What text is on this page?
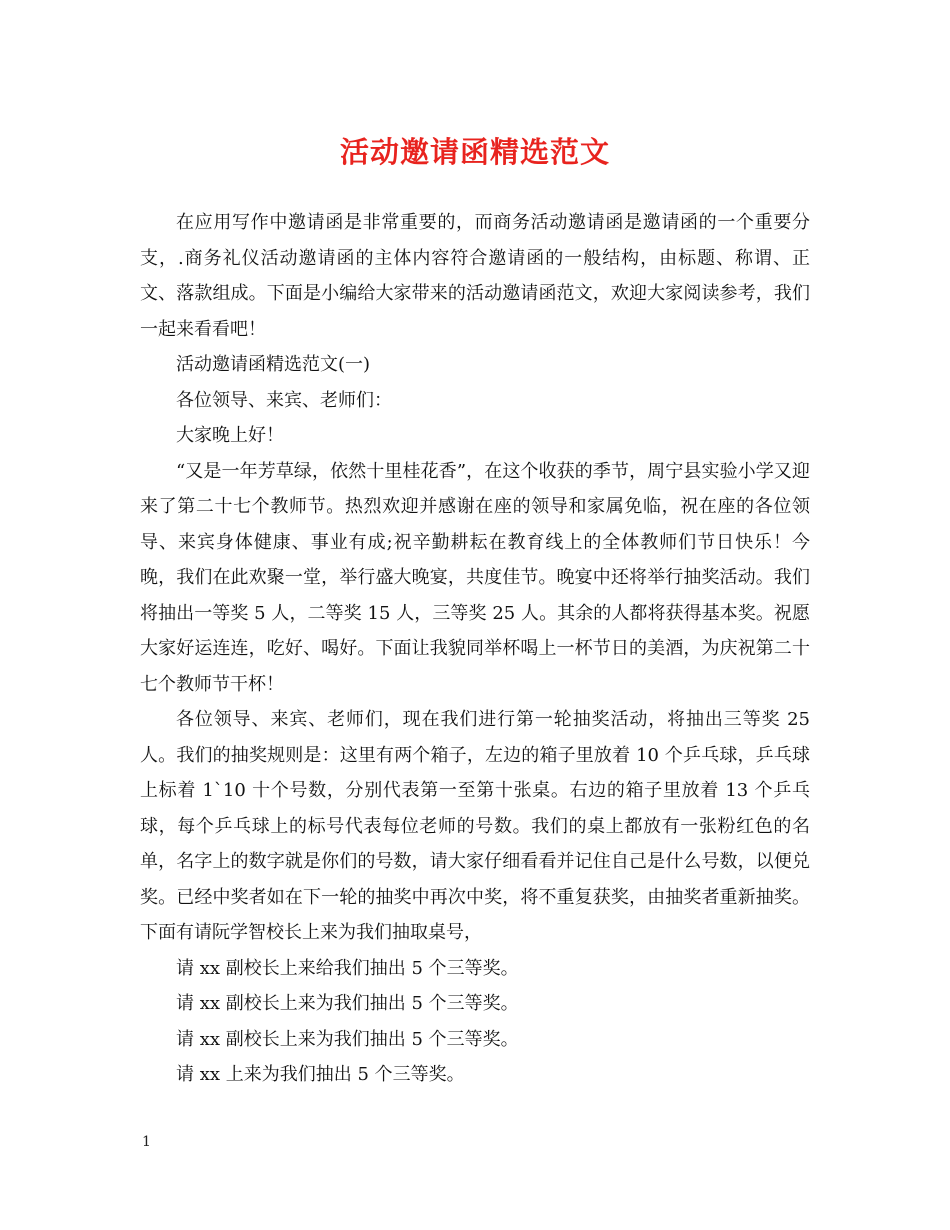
活动邀请函精选范文

在应用写作中邀请函是非常重要的，而商务活动邀请函是邀请函的一个重要分支，.商务礼仪活动邀请函的主体内容符合邀请函的一般结构，由标题、称谓、正文、落款组成。下面是小编给大家带来的活动邀请函范文，欢迎大家阅读参考，我们一起来看看吧！

活动邀请函精选范文(一)

各位领导、来宾、老师们：

大家晚上好！

“又是一年芳草绿，依然十里桂花香”，在这个收获的季节，周宁县实验小学又迎来了第二十七个教师节。热烈欢迎并感谢在座的领导和家属免临，祝在座的各位领导、来宾身体健康、事业有成;祝辛勤耕耘在教育线上的全体教师们节日快乐！今晚，我们在此欢聚一堂，举行盛大晚宴，共度佳节。晚宴中还将举行抽奖活动。我们将抽出一等奖 5 人，二等奖 15 人，三等奖 25 人。其余的人都将获得基本奖。祝愿大家好运连连，吃好、喝好。下面让我貌同举杯喝上一杯节日的美酒，为庆祝第二十七个教师节干杯！

各位领导、来宾、老师们，现在我们进行第一轮抽奖活动，将抽出三等奖 25 人。我们的抽奖规则是：这里有两个箱子，左边的箱子里放着 10 个乒乓球，乒乓球上标着 1`10 十个号数，分别代表第一至第十张桌。右边的箱子里放着 13 个乒乓球，每个乒乓球上的标号代表每位老师的号数。我们的桌上都放有一张粉红色的名单，名字上的数字就是你们的号数，请大家仔细看看并记住自己是什么号数，以便兑奖。已经中奖者如在下一轮的抽奖中再次中奖，将不重复获奖，由抽奖者重新抽奖。下面有请阮学智校长上来为我们抽取桌号，

请 xx 副校长上来给我们抽出 5 个三等奖。

请 xx 副校长上来为我们抽出 5 个三等奖。

请 xx 副校长上来为我们抽出 5 个三等奖。

请 xx 上来为我们抽出 5 个三等奖。

1
